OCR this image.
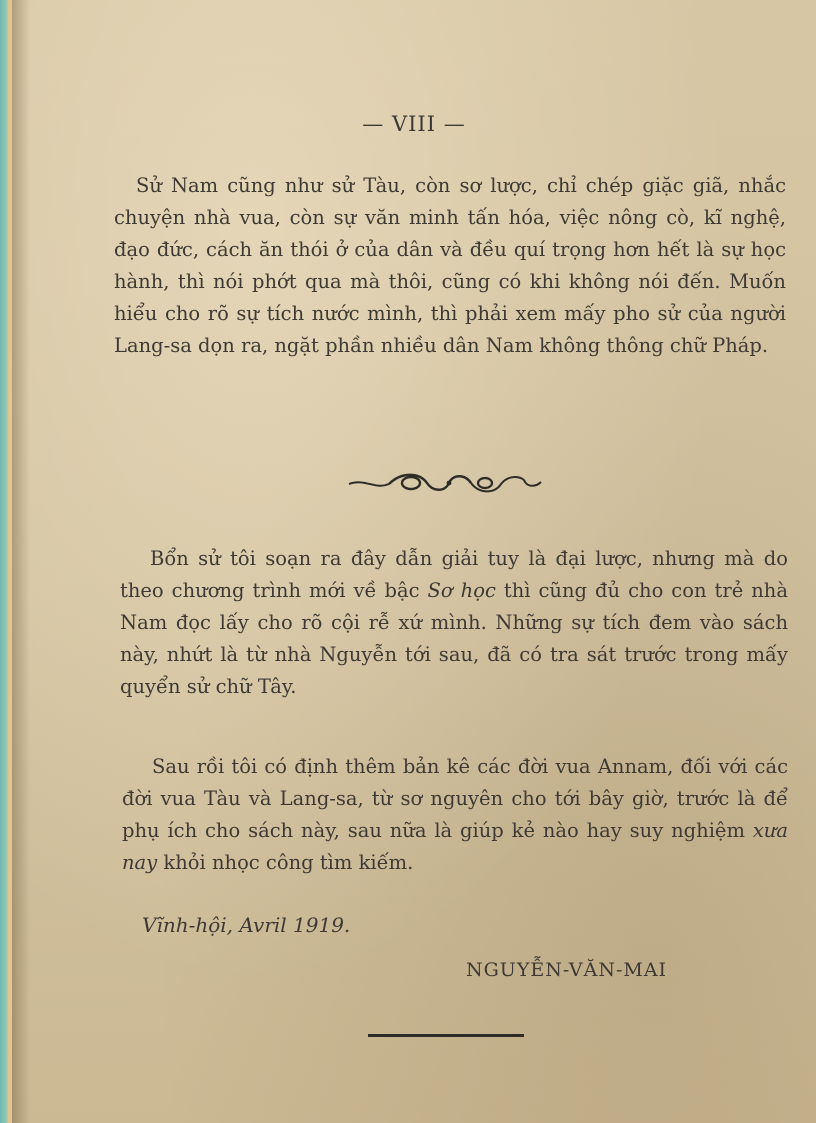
— VIII —

Sử Nam cũng như sử Tàu, còn sơ lược, chỉ chép giặc giã, nhắc chuyện nhà vua, còn sự văn minh tấn hóa, việc nông cò, kĩ nghệ, đạo đức, cách ăn thói ở của dân và đều quí trọng hơn hết là sự học hành, thì nói phớt qua mà thôi, cũng có khi không nói đến. Muốn hiểu cho rõ sự tích nước mình, thì phải xem mấy pho sử của người Lang-sa dọn ra, ngặt phần nhiều dân Nam không thông chữ Pháp.

Bổn sử tôi soạn ra đây dẫn giải tuy là đại lược, nhưng mà do theo chương trình mới về bậc Sơ học thì cũng đủ cho con trẻ nhà Nam đọc lấy cho rõ cội rễ xứ mình. Những sự tích đem vào sách này, nhứt là từ nhà Nguyễn tới sau, đã có tra sát trước trong mấy quyển sử chữ Tây.

Sau rồi tôi có định thêm bản kê các đời vua Annam, đối với các đời vua Tàu và Lang-sa, từ sơ nguyên cho tới bây giờ, trước là để phụ ích cho sách này, sau nữa là giúp kẻ nào hay suy nghiệm xưa nay khỏi nhọc công tìm kiếm.

Vĩnh-hội, Avril 1919.

NGUYỄN-VĂN-MAI
